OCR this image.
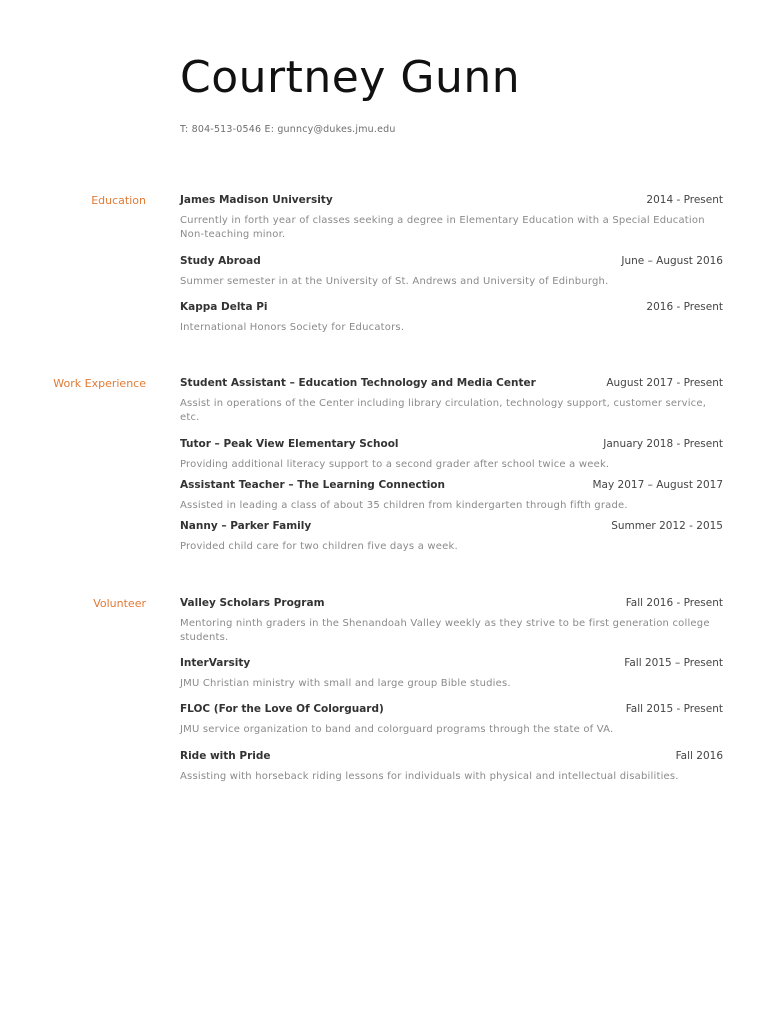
Courtney Gunn
T: 804-513-0546 E: gunncy@dukes.jmu.edu
Education	James Madison University	2014 - Present
Currently in forth year of classes seeking a degree in Elementary Education with a Special Education Non-teaching minor.
Study Abroad	June – August 2016
Summer semester in at the University of St. Andrews and University of Edinburgh.
Kappa Delta Pi	2016 - Present
International Honors Society for Educators.
Work Experience	Student Assistant – Education Technology and Media Center	August 2017 - Present
Assist in operations of the Center including library circulation, technology support, customer service, etc.
Tutor – Peak View Elementary School	January 2018 - Present
Providing additional literacy support to a second grader after school twice a week.
Assistant Teacher – The Learning Connection	May 2017 – August 2017
Assisted in leading a class of about 35 children from kindergarten through fifth grade.
Nanny – Parker Family	Summer 2012 - 2015
Provided child care for two children five days a week.
Volunteer	Valley Scholars Program	Fall 2016 - Present
Mentoring ninth graders in the Shenandoah Valley weekly as they strive to be first generation college students.
InterVarsity	Fall 2015 – Present
JMU Christian ministry with small and large group Bible studies.
FLOC (For the Love Of Colorguard)	Fall 2015 - Present
JMU service organization to band and colorguard programs through the state of VA.
Ride with Pride	Fall 2016
Assisting with horseback riding lessons for individuals with physical and intellectual disabilities.
